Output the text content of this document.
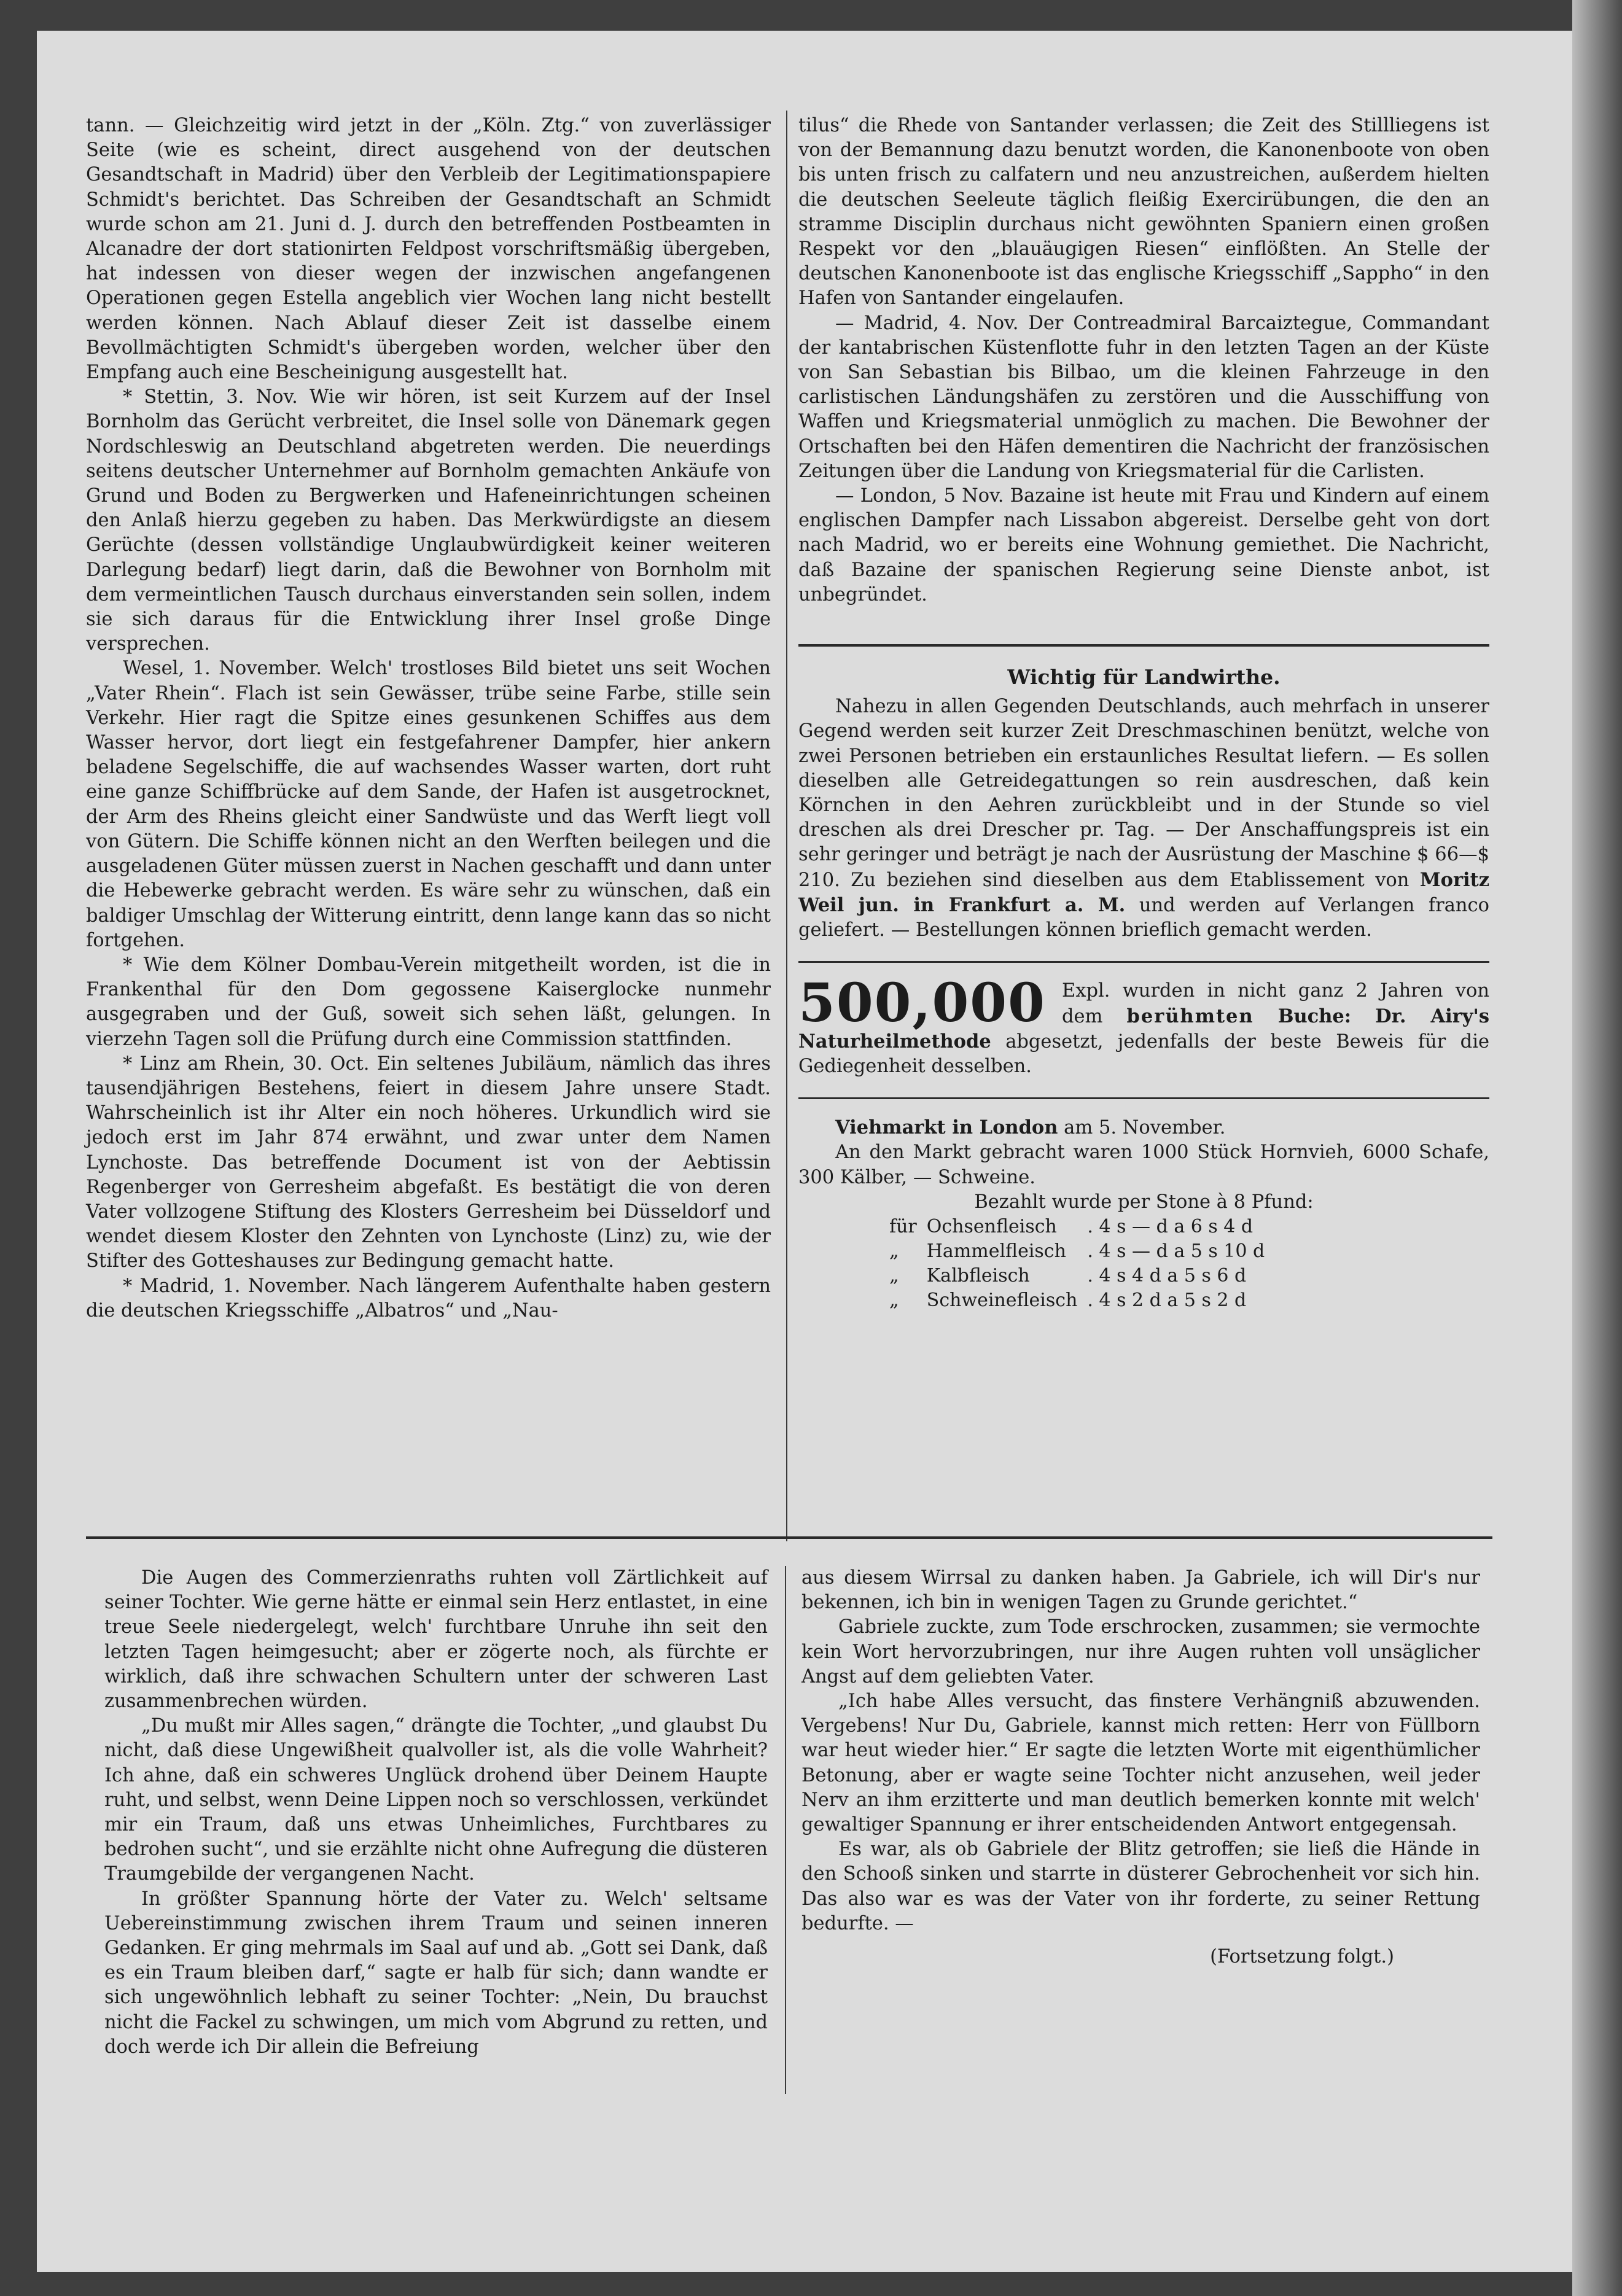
tann. — Gleichzeitig wird jetzt in der „Köln. Ztg.“ von zuverlässiger Seite (wie es scheint, direct ausgehend von der deutschen Gesandtschaft in Madrid) über den Verbleib der Legitimationspapiere Schmidt's berichtet. Das Schreiben der Gesandtschaft an Schmidt wurde schon am 21. Juni d. J. durch den betreffenden Postbeamten in Alcanadre der dort stationirten Feldpost vorschriftsmäßig übergeben, hat indessen von dieser wegen der inzwischen angefangenen Operationen gegen Estella angeblich vier Wochen lang nicht bestellt werden können. Nach Ablauf dieser Zeit ist dasselbe einem Bevollmächtigten Schmidt's übergeben worden, welcher über den Empfang auch eine Bescheinigung ausgestellt hat.

* Stettin, 3. Nov. Wie wir hören, ist seit Kurzem auf der Insel Bornholm das Gerücht verbreitet, die Insel solle von Dänemark gegen Nordschleswig an Deutschland abgetreten werden. Die neuerdings seitens deutscher Unternehmer auf Bornholm gemachten Ankäufe von Grund und Boden zu Bergwerken und Hafeneinrichtungen scheinen den Anlaß hierzu gegeben zu haben. Das Merkwürdigste an diesem Gerüchte (dessen vollständige Unglaubwürdigkeit keiner weiteren Darlegung bedarf) liegt darin, daß die Bewohner von Bornholm mit dem vermeintlichen Tausch durchaus einverstanden sein sollen, indem sie sich daraus für die Entwicklung ihrer Insel große Dinge versprechen.

Wesel, 1. November. Welch' trostloses Bild bietet uns seit Wochen „Vater Rhein“. Flach ist sein Gewässer, trübe seine Farbe, stille sein Verkehr. Hier ragt die Spitze eines gesunkenen Schiffes aus dem Wasser hervor, dort liegt ein festgefahrener Dampfer, hier ankern beladene Segelschiffe, die auf wachsendes Wasser warten, dort ruht eine ganze Schiffbrücke auf dem Sande, der Hafen ist ausgetrocknet, der Arm des Rheins gleicht einer Sandwüste und das Werft liegt voll von Gütern. Die Schiffe können nicht an den Werften beilegen und die ausgeladenen Güter müssen zuerst in Nachen geschafft und dann unter die Hebewerke gebracht werden. Es wäre sehr zu wünschen, daß ein baldiger Umschlag der Witterung eintritt, denn lange kann das so nicht fortgehen.

* Wie dem Kölner Dombau-Verein mitgetheilt worden, ist die in Frankenthal für den Dom gegossene Kaiserglocke nunmehr ausgegraben und der Guß, soweit sich sehen läßt, gelungen. In vierzehn Tagen soll die Prüfung durch eine Commission stattfinden.

* Linz am Rhein, 30. Oct. Ein seltenes Jubiläum, nämlich das ihres tausendjährigen Bestehens, feiert in diesem Jahre unsere Stadt. Wahrscheinlich ist ihr Alter ein noch höheres. Urkundlich wird sie jedoch erst im Jahr 874 erwähnt, und zwar unter dem Namen Lynchoste. Das betreffende Document ist von der Aebtissin Regenberger von Gerresheim abgefaßt. Es bestätigt die von deren Vater vollzogene Stiftung des Klosters Gerresheim bei Düsseldorf und wendet diesem Kloster den Zehnten von Lynchoste (Linz) zu, wie der Stifter des Gotteshauses zur Bedingung gemacht hatte.

* Madrid, 1. November. Nach längerem Aufenthalte haben gestern die deutschen Kriegsschiffe „Albatros“ und „Nau-

tilus“ die Rhede von Santander verlassen; die Zeit des Stillliegens ist von der Bemannung dazu benutzt worden, die Kanonenboote von oben bis unten frisch zu calfatern und neu anzustreichen, außerdem hielten die deutschen Seeleute täglich fleißig Exercirübungen, die den an stramme Disciplin durchaus nicht gewöhnten Spaniern einen großen Respekt vor den „blauäugigen Riesen“ einflößten. An Stelle der deutschen Kanonenboote ist das englische Kriegsschiff „Sappho“ in den Hafen von Santander eingelaufen.

— Madrid, 4. Nov. Der Contreadmiral Barcaiztegue, Commandant der kantabrischen Küstenflotte fuhr in den letzten Tagen an der Küste von San Sebastian bis Bilbao, um die kleinen Fahrzeuge in den carlistischen Ländungshäfen zu zerstören und die Ausschiffung von Waffen und Kriegsmaterial unmöglich zu machen. Die Bewohner der Ortschaften bei den Häfen dementiren die Nachricht der französischen Zeitungen über die Landung von Kriegsmaterial für die Carlisten.

— London, 5 Nov. Bazaine ist heute mit Frau und Kindern auf einem englischen Dampfer nach Lissabon abgereist. Derselbe geht von dort nach Madrid, wo er bereits eine Wohnung gemiethet. Die Nachricht, daß Bazaine der spanischen Regierung seine Dienste anbot, ist unbegründet.

Wichtig für Landwirthe.

Nahezu in allen Gegenden Deutschlands, auch mehrfach in unserer Gegend werden seit kurzer Zeit Dreschmaschinen benützt, welche von zwei Personen betrieben ein erstaunliches Resultat liefern. — Es sollen dieselben alle Getreidegattungen so rein ausdreschen, daß kein Körnchen in den Aehren zurückbleibt und in der Stunde so viel dreschen als drei Drescher pr. Tag. — Der Anschaffungspreis ist ein sehr geringer und beträgt je nach der Ausrüstung der Maschine $ 66—$ 210. Zu beziehen sind dieselben aus dem Etablissement von Moritz Weil jun. in Frankfurt a. M. und werden auf Verlangen franco geliefert. — Bestellungen können brieflich gemacht werden.

500,000 Expl. wurden in nicht ganz 2 Jahren von dem berühmten Buche: Dr. Airy's Naturheilmethode abgesetzt, jedenfalls der beste Beweis für die Gediegenheit desselben.

Viehmarkt in London am 5. November.

An den Markt gebracht waren 1000 Stück Hornvieh, 6000 Schafe, 300 Kälber, — Schweine.

Bezahlt wurde per Stone à 8 Pfund:

für	Ochsenfleisch	. 4 s — d a 6 s 4 d
„	Hammelfleisch	. 4 s — d a 5 s 10 d
„	Kalbfleisch	. 4 s 4 d a 5 s 6 d
„	Schweinefleisch	. 4 s 2 d a 5 s 2 d

Die Augen des Commerzienraths ruhten voll Zärtlichkeit auf seiner Tochter. Wie gerne hätte er einmal sein Herz entlastet, in eine treue Seele niedergelegt, welch' furchtbare Unruhe ihn seit den letzten Tagen heimgesucht; aber er zögerte noch, als fürchte er wirklich, daß ihre schwachen Schultern unter der schweren Last zusammenbrechen würden.

„Du mußt mir Alles sagen,“ drängte die Tochter, „und glaubst Du nicht, daß diese Ungewißheit qualvoller ist, als die volle Wahrheit? Ich ahne, daß ein schweres Unglück drohend über Deinem Haupte ruht, und selbst, wenn Deine Lippen noch so verschlossen, verkündet mir ein Traum, daß uns etwas Unheimliches, Furchtbares zu bedrohen sucht“, und sie erzählte nicht ohne Aufregung die düsteren Traumgebilde der vergangenen Nacht.

In größter Spannung hörte der Vater zu. Welch' seltsame Uebereinstimmung zwischen ihrem Traum und seinen inneren Gedanken. Er ging mehrmals im Saal auf und ab. „Gott sei Dank, daß es ein Traum bleiben darf,“ sagte er halb für sich; dann wandte er sich ungewöhnlich lebhaft zu seiner Tochter: „Nein, Du brauchst nicht die Fackel zu schwingen, um mich vom Abgrund zu retten, und doch werde ich Dir allein die Befreiung

aus diesem Wirrsal zu danken haben. Ja Gabriele, ich will Dir's nur bekennen, ich bin in wenigen Tagen zu Grunde gerichtet.“

Gabriele zuckte, zum Tode erschrocken, zusammen; sie vermochte kein Wort hervorzubringen, nur ihre Augen ruhten voll unsäglicher Angst auf dem geliebten Vater.

„Ich habe Alles versucht, das finstere Verhängniß abzuwenden. Vergebens! Nur Du, Gabriele, kannst mich retten: Herr von Füllborn war heut wieder hier.“ Er sagte die letzten Worte mit eigenthümlicher Betonung, aber er wagte seine Tochter nicht anzusehen, weil jeder Nerv an ihm erzitterte und man deutlich bemerken konnte mit welch' gewaltiger Spannung er ihrer entscheidenden Antwort entgegensah.

Es war, als ob Gabriele der Blitz getroffen; sie ließ die Hände in den Schooß sinken und starrte in düsterer Gebrochenheit vor sich hin. Das also war es was der Vater von ihr forderte, zu seiner Rettung bedurfte. —

(Fortsetzung folgt.)
